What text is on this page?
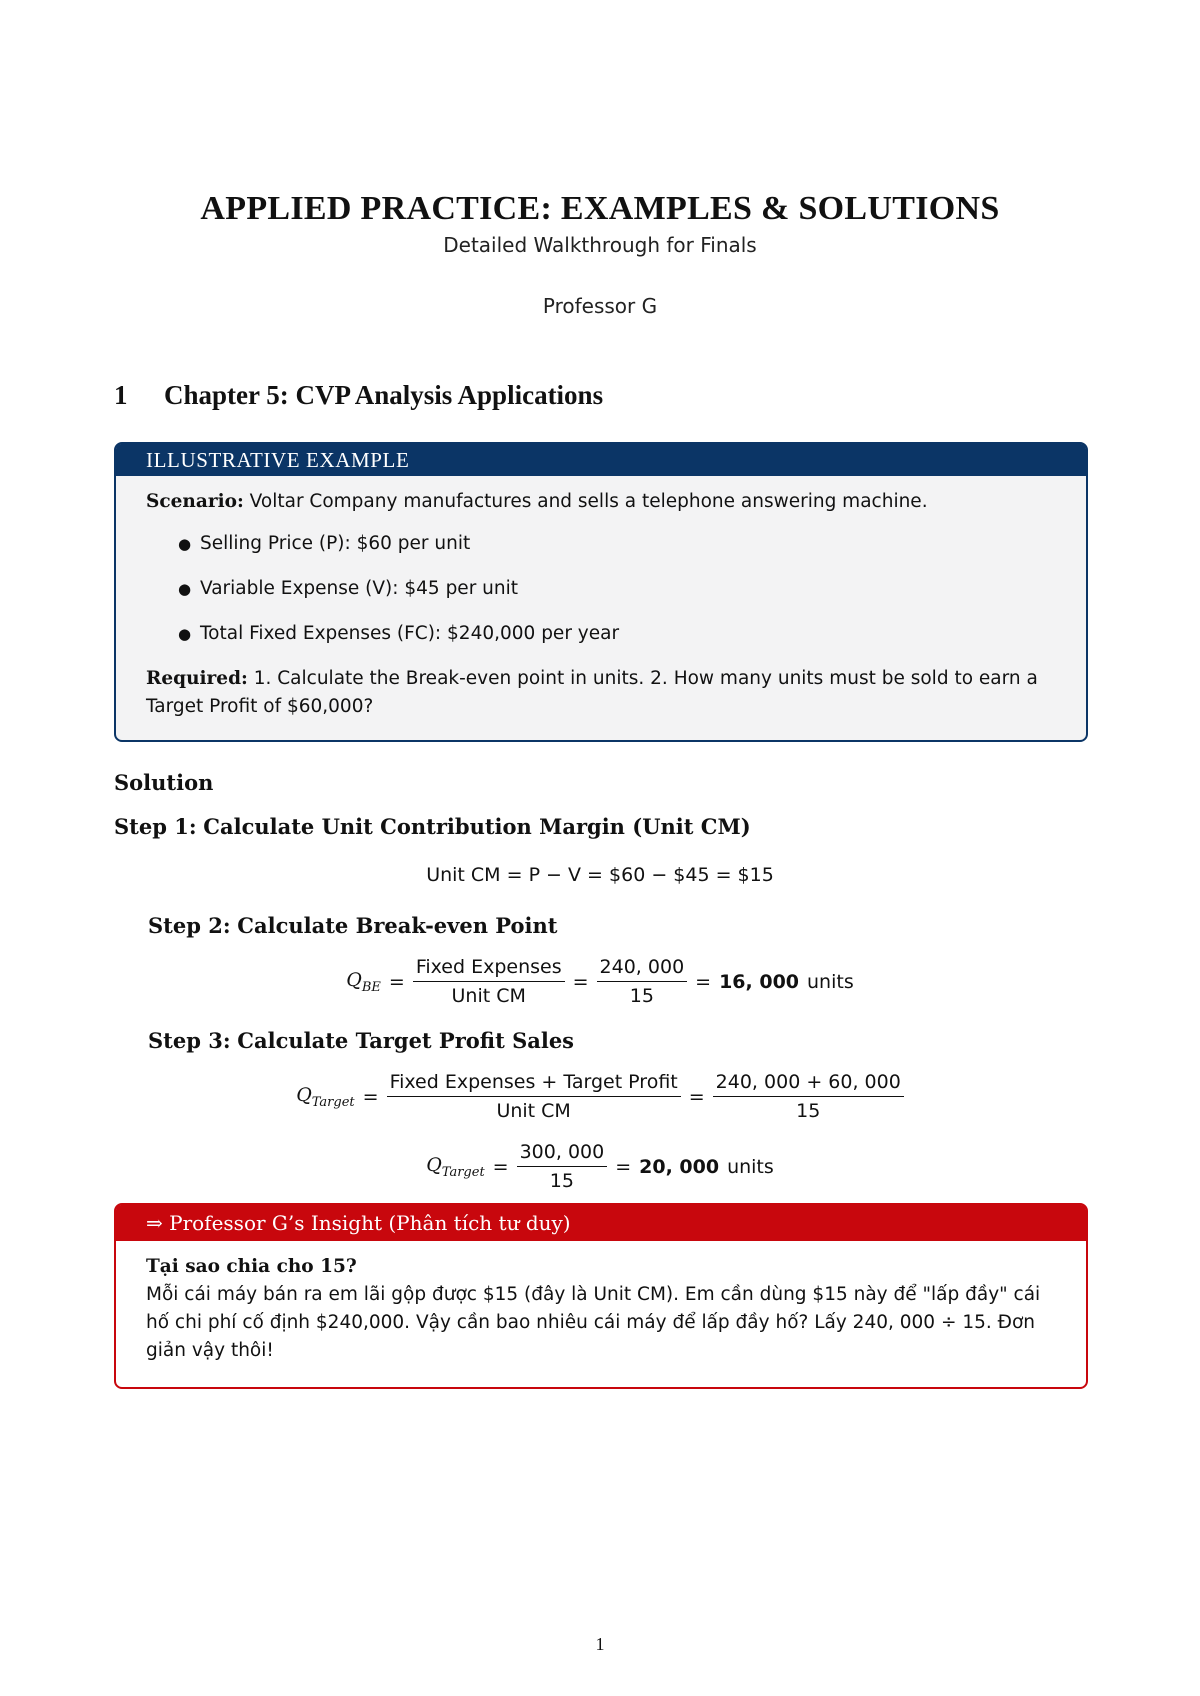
APPLIED PRACTICE: EXAMPLES & SOLUTIONS
Detailed Walkthrough for Finals
Professor G
1 Chapter 5: CVP Analysis Applications
ILLUSTRATIVE EXAMPLE

Scenario: Voltar Company manufactures and sells a telephone answering machine.

● Selling Price (P): $60 per unit
● Variable Expense (V): $45 per unit
● Total Fixed Expenses (FC): $240,000 per year

Required: 1. Calculate the Break-even point in units. 2. How many units must be sold to earn a Target Profit of $60,000?

Solution
Step 1: Calculate Unit Contribution Margin (Unit CM)
Unit CM = P − V = $60 − $45 = $15
Step 2: Calculate Break-even Point
$Q_{BE} = \frac{\text{Fixed Expenses}}{\text{Unit CM}} = \frac{240, 000}{15} = 16$, 000 units
Step 3: Calculate Target Profit Sales
$Q_{Target} = \frac{\text{Fixed Expenses + Target Profit}}{\text{Unit CM}} = \frac{240, 000 + 60, 000}{15}$
$Q_{Target} = \frac{300, 000}{15} = 20$, 000 units
⇒ Professor G’s Insight (Phân tích tư duy)

Tại sao chia cho 15?

Mỗi cái máy bán ra em lãi gộp được $15 (đây là Unit CM). Em cần dùng $15 này để "lấp đầy" cái hố chi phí cố định $240,000. Vậy cần bao nhiêu cái máy để lấp đầy hố? Lấy 240, 000 ÷ 15. Đơn giản vậy thôi!

1
